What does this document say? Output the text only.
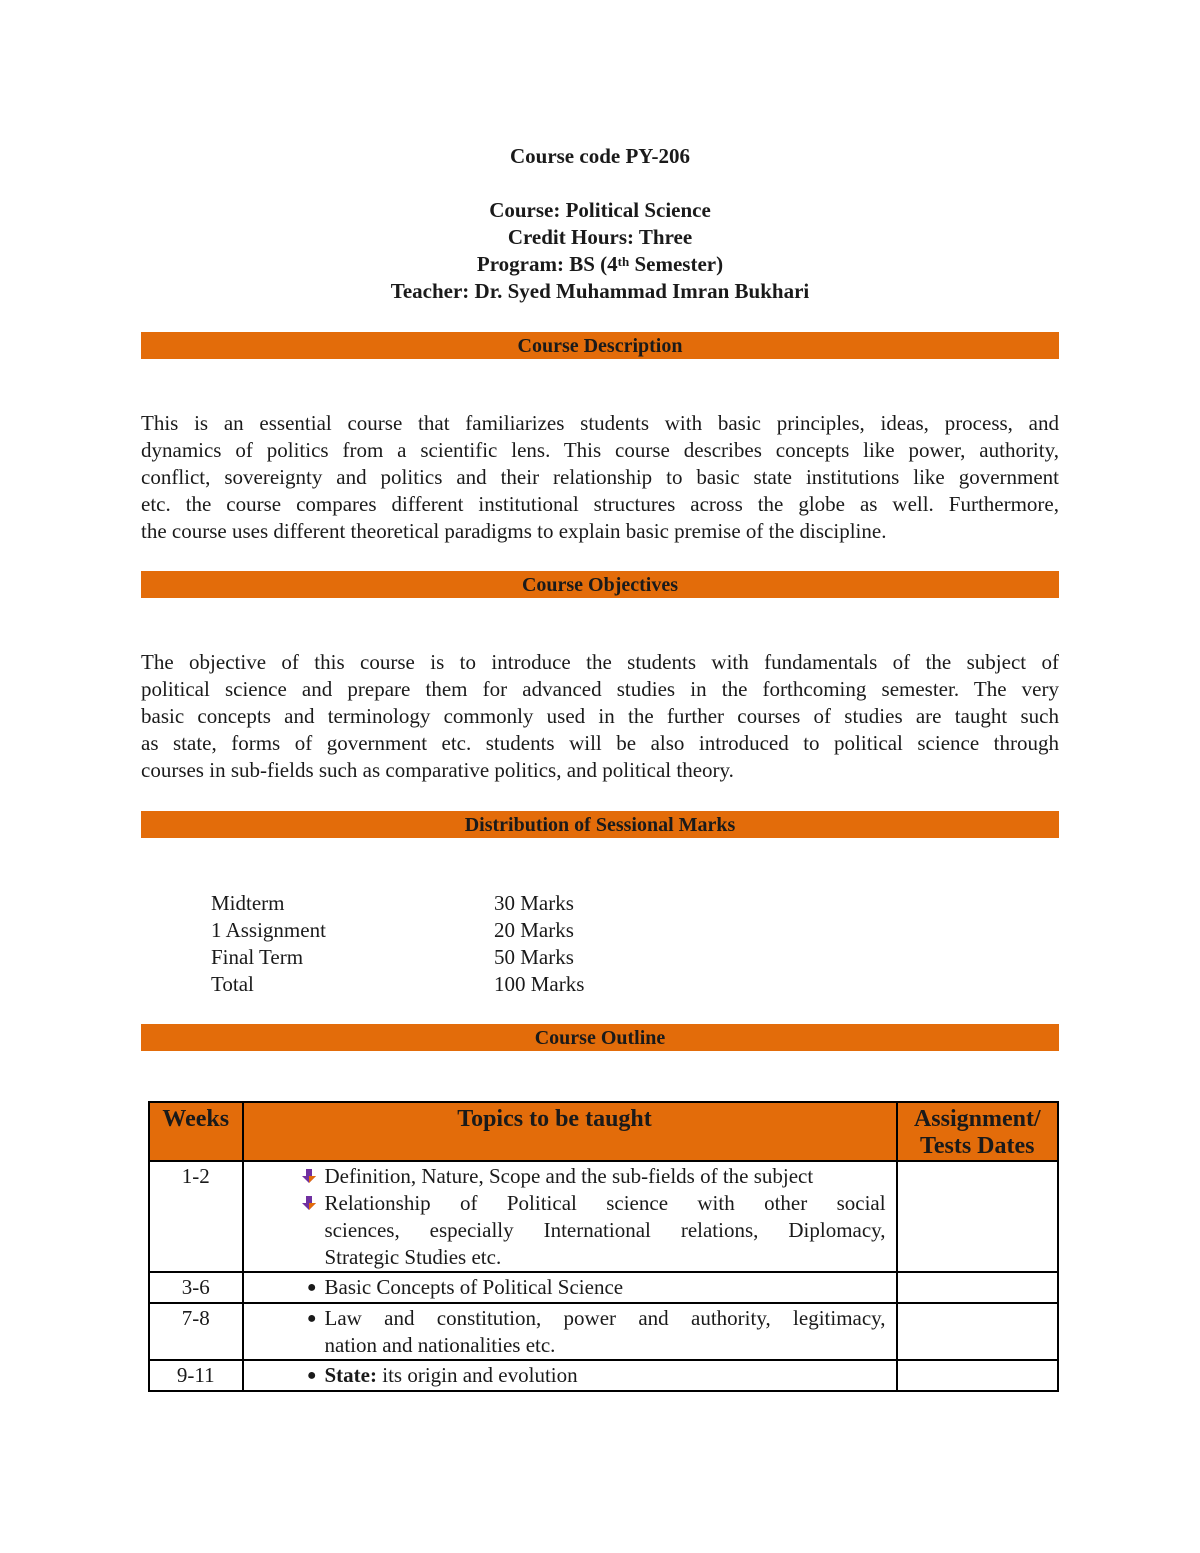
Course code PY-206
Course: Political Science
Credit Hours: Three
Program: BS (4th Semester)
Teacher: Dr. Syed Muhammad Imran Bukhari
Course Description
This is an essential course that familiarizes students with basic principles, ideas, process, and
dynamics of politics from a scientific lens. This course describes concepts like power, authority,
conflict, sovereignty and politics and their relationship to basic state institutions like government
etc. the course compares different institutional structures across the globe as well. Furthermore,
the course uses different theoretical paradigms to explain basic premise of the discipline.
Course Objectives
The objective of this course is to introduce the students with fundamentals of the subject of
political science and prepare them for advanced studies in the forthcoming semester. The very
basic concepts and terminology commonly used in the further courses of studies are taught such
as state, forms of government etc. students will be also introduced to political science through
courses in sub-fields such as comparative politics, and political theory.
Distribution of Sessional Marks
Midterm	30 Marks
1 Assignment	20 Marks
Final Term	50 Marks
Total	100 Marks
Course Outline
Weeks	Topics to be taught	Assignment/
Tests Dates
1-2	Definition, Nature, Scope and the sub-fields of the subject
Relationship of Political science with other social
sciences, especially International relations, Diplomacy,
Strategic Studies etc.	

3-6	● Basic Concepts of Political Science	

7-8	● Law and constitution, power and authority, legitimacy,
nation and nationalities etc.	

9-11	● State: its origin and evolution	
